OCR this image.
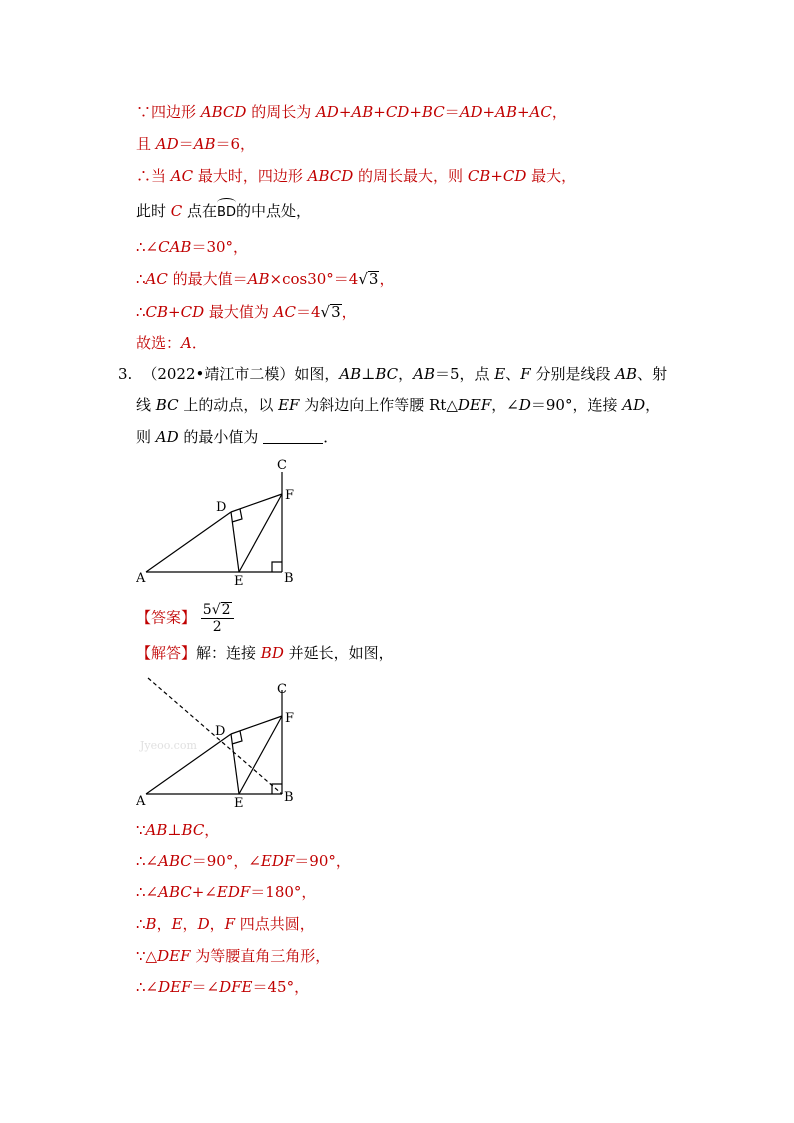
∵四边形 ABCD 的周长为 AD+AB+CD+BC＝AD+AB+AC，
且 AD＝AB＝6，
∴当 AC 最大时，四边形 ABCD 的周长最大，则 CB+CD 最大，
此时 C 点在BD的中点处，
∴∠CAB＝30°，
∴AC 的最大值＝AB×cos30°＝4√3，
∴CB+CD 最大值为 AC＝4√3，
故选：A．
3. （2022•靖江市二模）如图，AB⊥BC，AB＝5，点 E、F 分别是线段 AB、射
线 BC 上的动点，以 EF 为斜边向上作等腰 Rt△DEF，∠D＝90°，连接 AD，
则 AD 的最小值为	．
A	B
C
D
E
F
【答案】 $\frac{5√2}{2}$
【解答】解：连接 BD 并延长，如图，
Jyeoo.com
A	B
C
D
E
F
∵AB⊥BC，
∴∠ABC＝90°，∠EDF＝90°，
∴∠ABC+∠EDF＝180°，
∴B，E，D，F 四点共圆，
∵△DEF 为等腰直角三角形，
∴∠DEF＝∠DFE＝45°，
